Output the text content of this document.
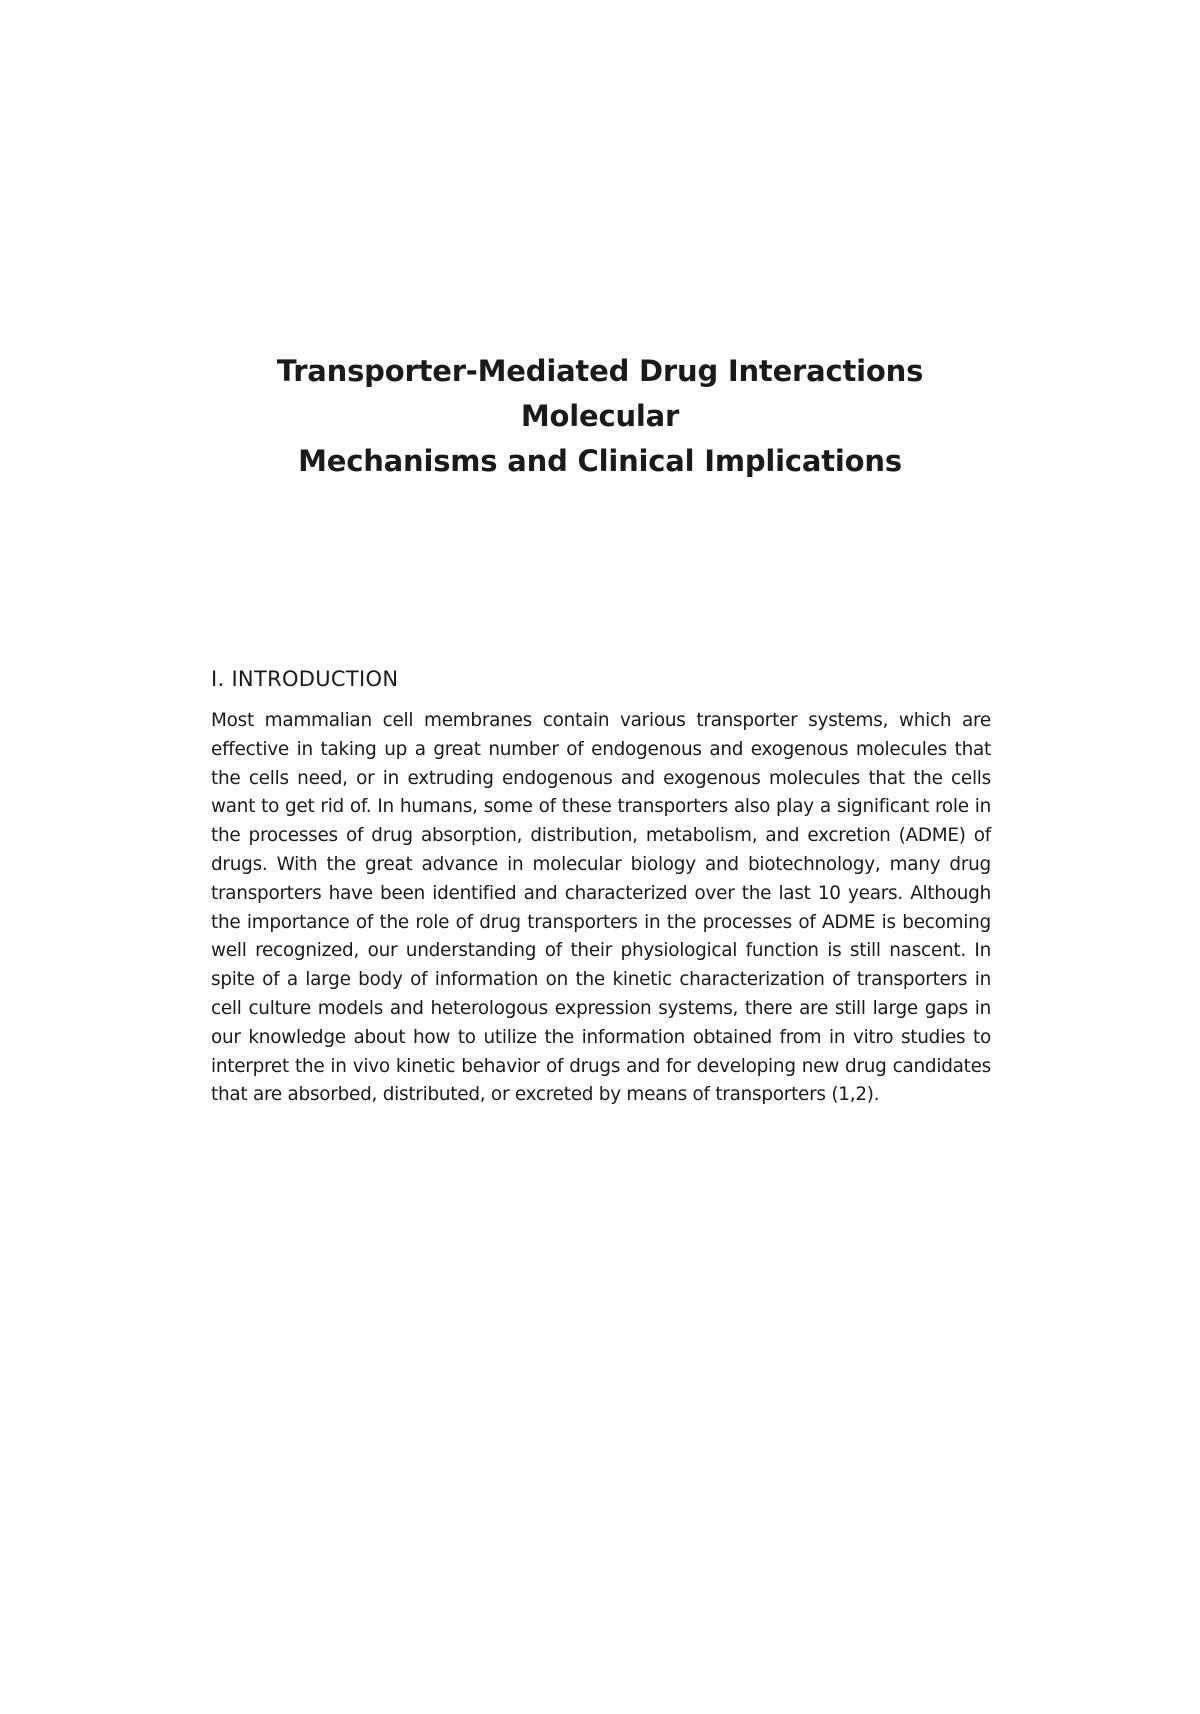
Transporter-Mediated Drug Interactions Molecular
Mechanisms and Clinical Implications
I. INTRODUCTION

Most mammalian cell membranes contain various transporter systems, which are effective in taking up a great number of endogenous and exogenous molecules that the cells need, or in extruding endogenous and exogenous molecules that the cells want to get rid of. In humans, some of these transporters also play a significant role in the processes of drug absorption, distribution, metabolism, and excretion (ADME) of drugs. With the great advance in molecular biology and biotechnology, many drug transporters have been identified and characterized over the last 10 years. Although the importance of the role of drug transporters in the processes of ADME is becoming well recognized, our understanding of their physiological function is still nascent. In spite of a large body of information on the kinetic characterization of transporters in cell culture models and heterologous expression systems, there are still large gaps in our knowledge about how to utilize the information obtained from in vitro studies to interpret the in vivo kinetic behavior of drugs and for developing new drug candidates that are absorbed, distributed, or excreted by means of transporters (1,2).
